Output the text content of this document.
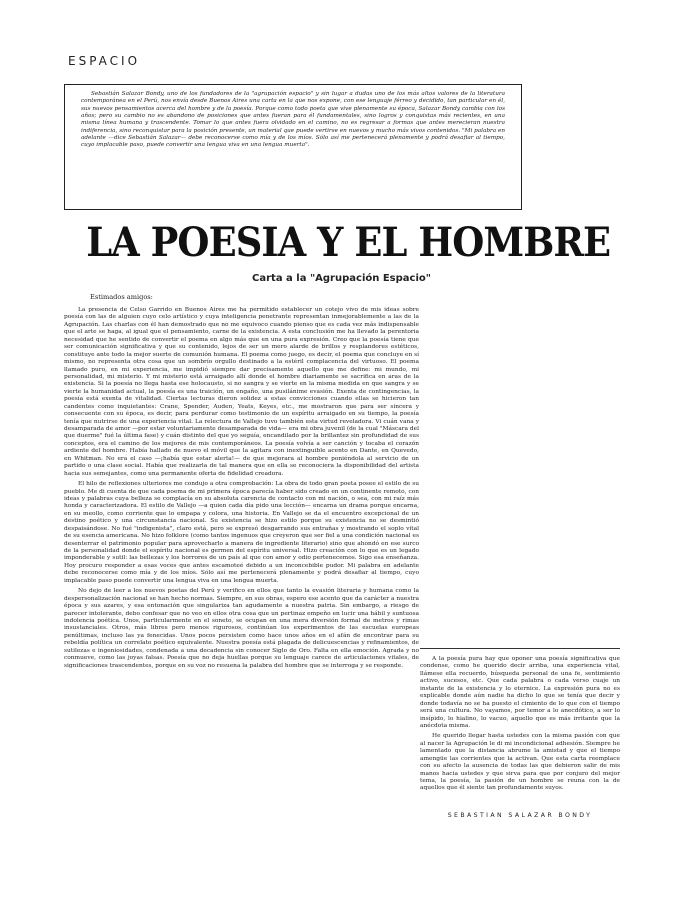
ESPACIO

Sebastián Salazar Bondy, uno de los fundadores de la "agrupación espacio" y sin lugar a dudas uno de los más altos valores de la literatura contemporánea en el Perú, nos envía desde Buenos Aires una carta en la que nos expone, con ese lenguaje férreo y decidido, tan particular en él, sus nuevos pensamientos acerca del hombre y de la poesía. Porque como todo poeta que vive plenamente su época, Salazar Bondy cambia con los años; pero su cambio no es abandono de posiciones que antes fueran para él fundamentales, sino logros y conquistas más recientes, en una misma línea humana y trascendente. Tomar lo que antes fuera olvidado en el camino, no es regresar a formas que antes merecieran nuestra indiferencia, sino reconquistar para la posición presente, un material que puede vertirse en nuevos y mucho más vivos contenidos. "Mi palabra en adelante —dice Sebastián Salazar— debe reconocerse como mía y de los míos. Sólo así me pertenecerá plenamente y podrá desafiar al tiempo, cuyo implacable paso, puede convertir una lengua viva en una lengua muerta".

LA POESIA Y EL HOMBRE
Carta a la "Agrupación Espacio"
Estimados amigos:

La presencia de Celso Garrido en Buenos Aires me ha permitido establecer un cotejo vivo de mis ideas sobre poesía con las de alguien cuyo celo artístico y cuya inteligencia penetrante representan inmejorablemente a las de la Agrupación. Las charlas con él han demostrado que no me equivoco cuando pienso que es cada vez más indispensable que el arte se haga, al igual que el pensamiento, carne de la existencia. A esta conclusión me ha llevado la perentoria necesidad que he sentido de convertir el poema en algo más que en una pura expresión. Creo que la poesía tiene que ser comunicación significativa y que su contenido, lejos de ser un mero alarde de brillos y resplandores estéticos, constituye ante todo la mejor suerte de comunión humana. El poema como juego, es decir, el poema que concluye en sí mismo, no representa otra cosa que un sombrío orgullo destinado a la estéril complacencia del virtuoso. El poema llamado puro, en mi experiencia, me impidió siempre dar precisamente aquello que me define: mi mundo, mi personalidad, mi misterio. Y mi misterio está arraigado allí donde el hombre diariamente se sacrifica en aras de la existencia. Si la poesía no llega hasta ese holocausto, si no sangra y se vierte en la misma medida en que sangra y se vierte la humanidad actual, la poesía es una traición, un engaño, una pusilánime evasión. Exenta de contingencias, la poesía está exenta de vitalidad. Ciertas lecturas dieron solidez a estas convicciones cuando ellas se hicieron tan candentes como inquietantes: Crane, Spender, Auden, Yeats, Keyes, etc., me mostraron que para ser sincera y consecuente con su época, es decir, para perdurar como testimonio de un espíritu arraigado en su tiempo, la poesía tenía que nutrirse de una experiencia vital. La relectura de Vallejo tuvo también esta virtud reveladora. Vi cuán vana y desamparada de amor —por estar voluntariamente desamparada de vida— era mi obra juvenil (de la cual "Máscara del que duerme" fué la última fase) y cuán distinto del que yo seguía, encandilado por la brillantez sin profundidad de sus conceptos, era el camino de los mejores de mis contemporáneos. La poesía volvía a ser canción y tocaba el corazón ardiente del hombre. Había hallado de nuevo el móvil que la agitara con inextinguible acento en Dante, en Quevedo, en Whitman. No era el caso —¡había que estar alerta!— de que mejorara al hombre poniéndola al servicio de un partido o una clase social. Había que realizarla de tal manera que en ella se reconociera la disponibilidad del artista hacia sus semejantes, como una permanente oferta de fidelidad creadora.

El hilo de reflexiones ulteriores me condujo a otra comprobación: La obra de todo gran poeta posee el estilo de su pueblo. Me di cuenta de que cada poema de mi primera época parecía haber sido creado en un continente remoto, con ideas y palabras cuya belleza se complacía en su absoluta carencia de contacto con mi nación, o sea, con mi raíz más honda y caracterizadora. El estilo de Vallejo —a quien cada día pido una lección— encarna un drama porque encarna, en su meollo, como corriente que lo empapa y colora, una historia. En Vallejo se da el encuentro excepcional de un destino poético y una circunstancia nacional. Su existencia se hizo estilo porque su existencia no se desmintió despaisándose. No fué "indigenista", claro está, pero se expresó desgarrando sus entrañas y mostrando el soplo vital de su esencia americana. No hizo folklore (como tantos ingenuos que creyeron que ser fiel a una condición nacional es desenterrar el patrimonio popular para aprovecharlo a manera de ingrediente literario) sino que ahondó en ese surco de la personalidad donde el espíritu nacional es germen del espíritu universal. Hizo creación con lo que es un legado imponderable y sutil: las bellezas y los horrores de un país al que con amor y odio pertenecemos. Sigo esa enseñanza. Hoy procuro responder a esas voces que antes escamoteé debido a un inconcebible pudor. Mi palabra en adelante debe reconocerse como mía y de los míos. Sólo así me pertenecerá plenamente y podrá desafiar al tiempo, cuyo implacable paso puede convertir una lengua viva en una lengua muerta.

No dejo de leer a los nuevos poetas del Perú y verifico en ellos que tanto la evasión literaria y humana como la despersonalización nacional se han hecho normas. Siempre, en sus obras, espero ese acento que da carácter a nuestra época y sus azares, y esa entonación que singulariza tan agudamente a nuestra patria. Sin embargo, a riesgo de parecer intolerante, debo confesar que no veo en ellos otra cosa que un pertinaz empeño en lucir una hábil y suntuosa indolencia poética. Unos, particularmente en el soneto, se ocupan en una mera diversión formal de metros y rimas insustanciales. Otros, más libres pero menos rigurosos, continúan los experimentos de las escuelas europeas penúltimas, incluso las ya fenecidas. Unos pocos persisten como hace unos años en el afán de encontrar para su rebeldía política un correlato poético equivalente. Nuestra poesía está plagada de delicuescencias y refinamientos, de sutilezas e ingeniosidades, condenada a una decadencia sin conocer Siglo de Oro. Falta en ella emoción. Agrada y no conmueve, como las joyas falsas. Poesía que no deja huellas porque su lenguaje carece de articulaciones vitales, de significaciones trascendentes, porque en su voz no resuena la palabra del hombre que se interroga y se responde.

A la poesía pura hay que oponer una poesía significativa que condense, como he querido decir arriba, una experiencia vital, llámese ella recuerdo, búsqueda personal de una fe, sentimiento activo, sucesos, etc. Que cada palabra o cada verso cuaje un instante de la existencia y lo eternice. La expresión pura no es explicable donde aún nadie ha dicho lo que se tenía que decir y donde todavía no se ha puesto el cimiento de lo que con el tiempo será una cultura. No vayamos, por temor a lo anecdótico, a ser lo insípido, lo hialino, lo vacuo, aquello que es más irritante que la anécdota misma.

He querido llegar hasta ustedes con la misma pasión con que al nacer la Agrupación le di mi incondicional adhesión. Siempre he lamentado que la distancia abrume la amistad y que el tiempo amengüe las corrientes que la activan. Que esta carta reemplace con su afecto la ausencia de todas las que debieron salir de mis manos hacia ustedes y que sirva para que por conjuro del mejor tema, la poesía, la pasión de un hombre se reuna con la de aquellos que él siente tan profundamente suyos.

SEBASTIAN SALAZAR BONDY
